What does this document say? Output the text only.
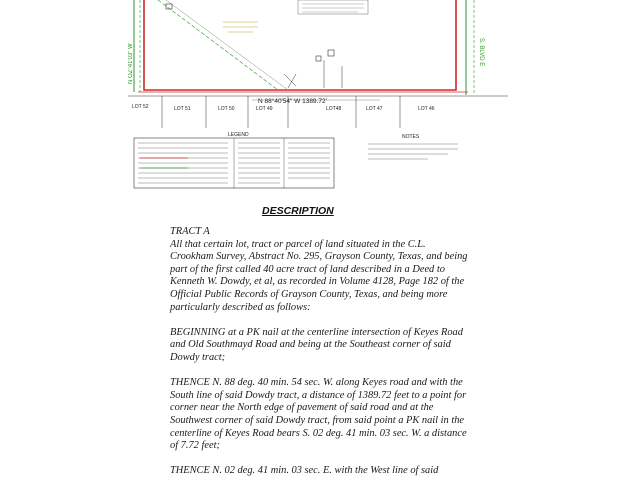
N OZ°41'03" W	S. BLVD E
N 88°40'54" W 1389.72'
LOT 52	LOT 51	LOT 50	LOT 49	LOT48	LOT 47	LOT 46
LEGEND	NOTES
DESCRIPTION

TRACT A

All that certain lot, tract or parcel of land situated in the C.L. Crookham Survey, Abstract No. 295, Grayson County, Texas, and being part of the first called 40 acre tract of land described in a Deed to Kenneth W. Dowdy, et al, as recorded in Volume 4128, Page 182 of the Official Public Records of Grayson County, Texas, and being more particularly described as follows:

BEGINNING at a PK nail at the centerline intersection of Keyes Road and Old Southmayd Road and being at the Southeast corner of said Dowdy tract;

THENCE N. 88 deg. 40 min. 54 sec. W. along Keyes road and with the South line of said Dowdy tract, a distance of 1389.72 feet to a point for corner near the North edge of pavement of said road and at the Southwest corner of said Dowdy tract, from said point a PK nail in the centerline of Keyes Road bears S. 02 deg. 41 min. 03 sec. W. a distance of 7.72 feet;

THENCE N. 02 deg. 41 min. 03 sec. E. with the West line of said
